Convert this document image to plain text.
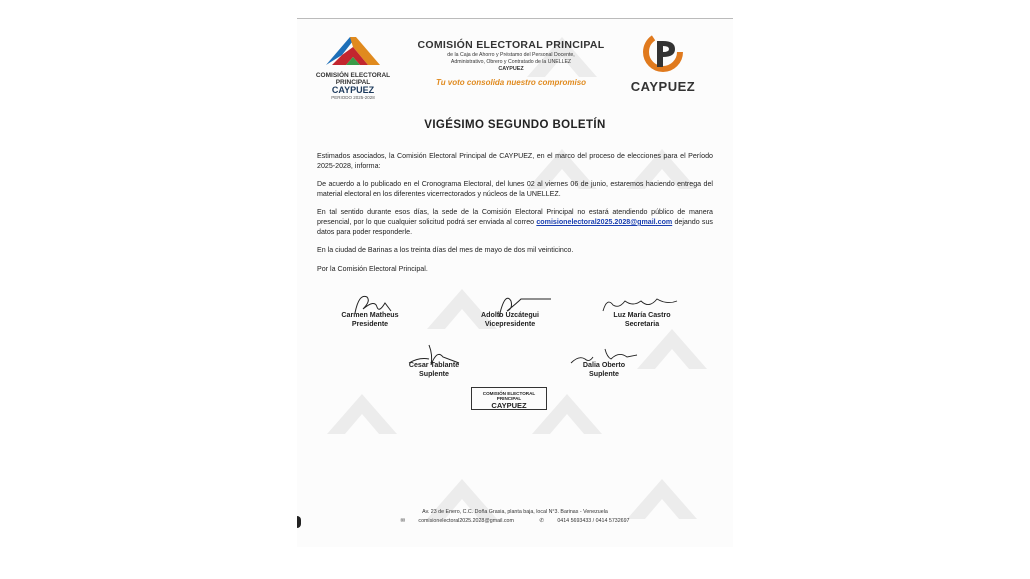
COMISIÓN ELECTORAL
PRINCIPAL
CAYPUEZ
PERIODO 2025-2028
COMISIÓN ELECTORAL PRINCIPAL
de la Caja de Ahorro y Préstamo del Personal Docente,
Administrativo, Obrero y Contratado de la UNELLEZ
CAYPUEZ
Tu voto consolida nuestro compromiso	CAYPUEZ
VIGÉSIMO SEGUNDO BOLETÍN

Estimados asociados, la Comisión Electoral Principal de CAYPUEZ, en el marco del proceso de elecciones para el Período 2025-2028, informa:

De acuerdo a lo publicado en el Cronograma Electoral, del lunes 02 al viernes 06 de junio, estaremos haciendo entrega del material electoral en los diferentes vicerrectorados y núcleos de la UNELLEZ.

En tal sentido durante esos días, la sede de la Comisión Electoral Principal no estará atendiendo público de manera presencial, por lo que cualquier solicitud podrá ser enviada al correo comisionelectoral2025.2028@gmail.com dejando sus datos para poder responderle.

En la ciudad de Barinas a los treinta días del mes de mayo de dos mil veinticinco.

Por la Comisión Electoral Principal.

Carmen Matheus
Presidente
Adolfo Uzcátegui
Vicepresidente
Luz María Castro
Secretaria
Cesar Tablante
Suplente
Dalia Oberto
Suplente
COMISIÓN ELECTORAL PRINCIPAL
CAYPUEZ
Av. 23 de Enero, C.C. Doña Grasia, planta baja, local N°3. Barinas - Venezuela
✉	comisionelectoral2025.2028@gmail.com	✆	0414 5693433 / 0414 5732697
